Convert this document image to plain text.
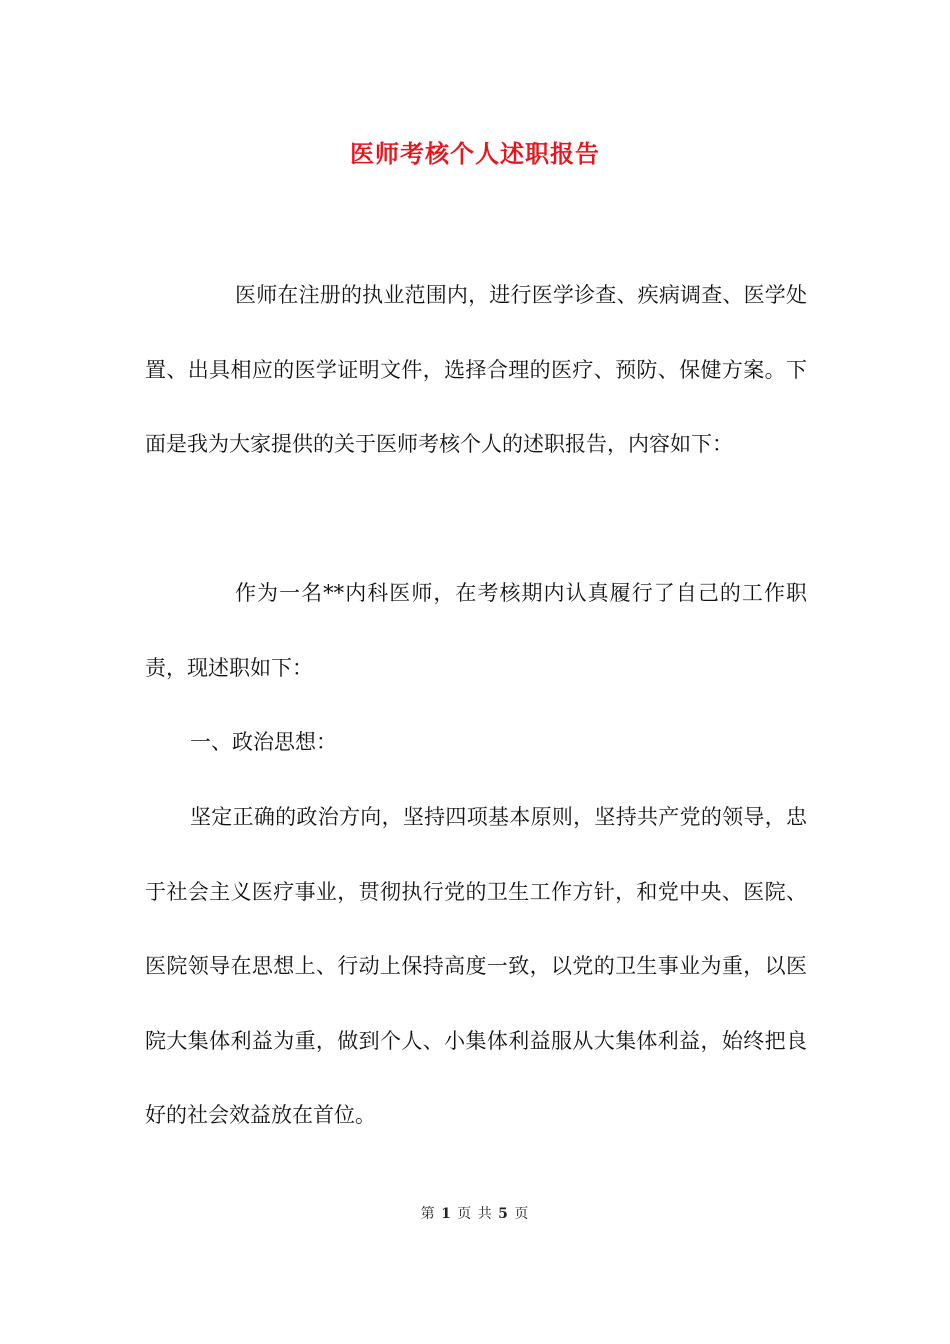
医师考核个人述职报告

医师在注册的执业范围内，进行医学诊查、疾病调查、医学处置、出具相应的医学证明文件，选择合理的医疗、预防、保健方案。下面是我为大家提供的关于医师考核个人的述职报告，内容如下：

作为一名**内科医师，在考核期内认真履行了自己的工作职责，现述职如下：

一、政治思想：

坚定正确的政治方向，坚持四项基本原则，坚持共产党的领导，忠于社会主义医疗事业，贯彻执行党的卫生工作方针，和党中央、医院、医院领导在思想上、行动上保持高度一致，以党的卫生事业为重，以医院大集体利益为重，做到个人、小集体利益服从大集体利益，始终把良好的社会效益放在首位。

第 1 页 共 5 页
